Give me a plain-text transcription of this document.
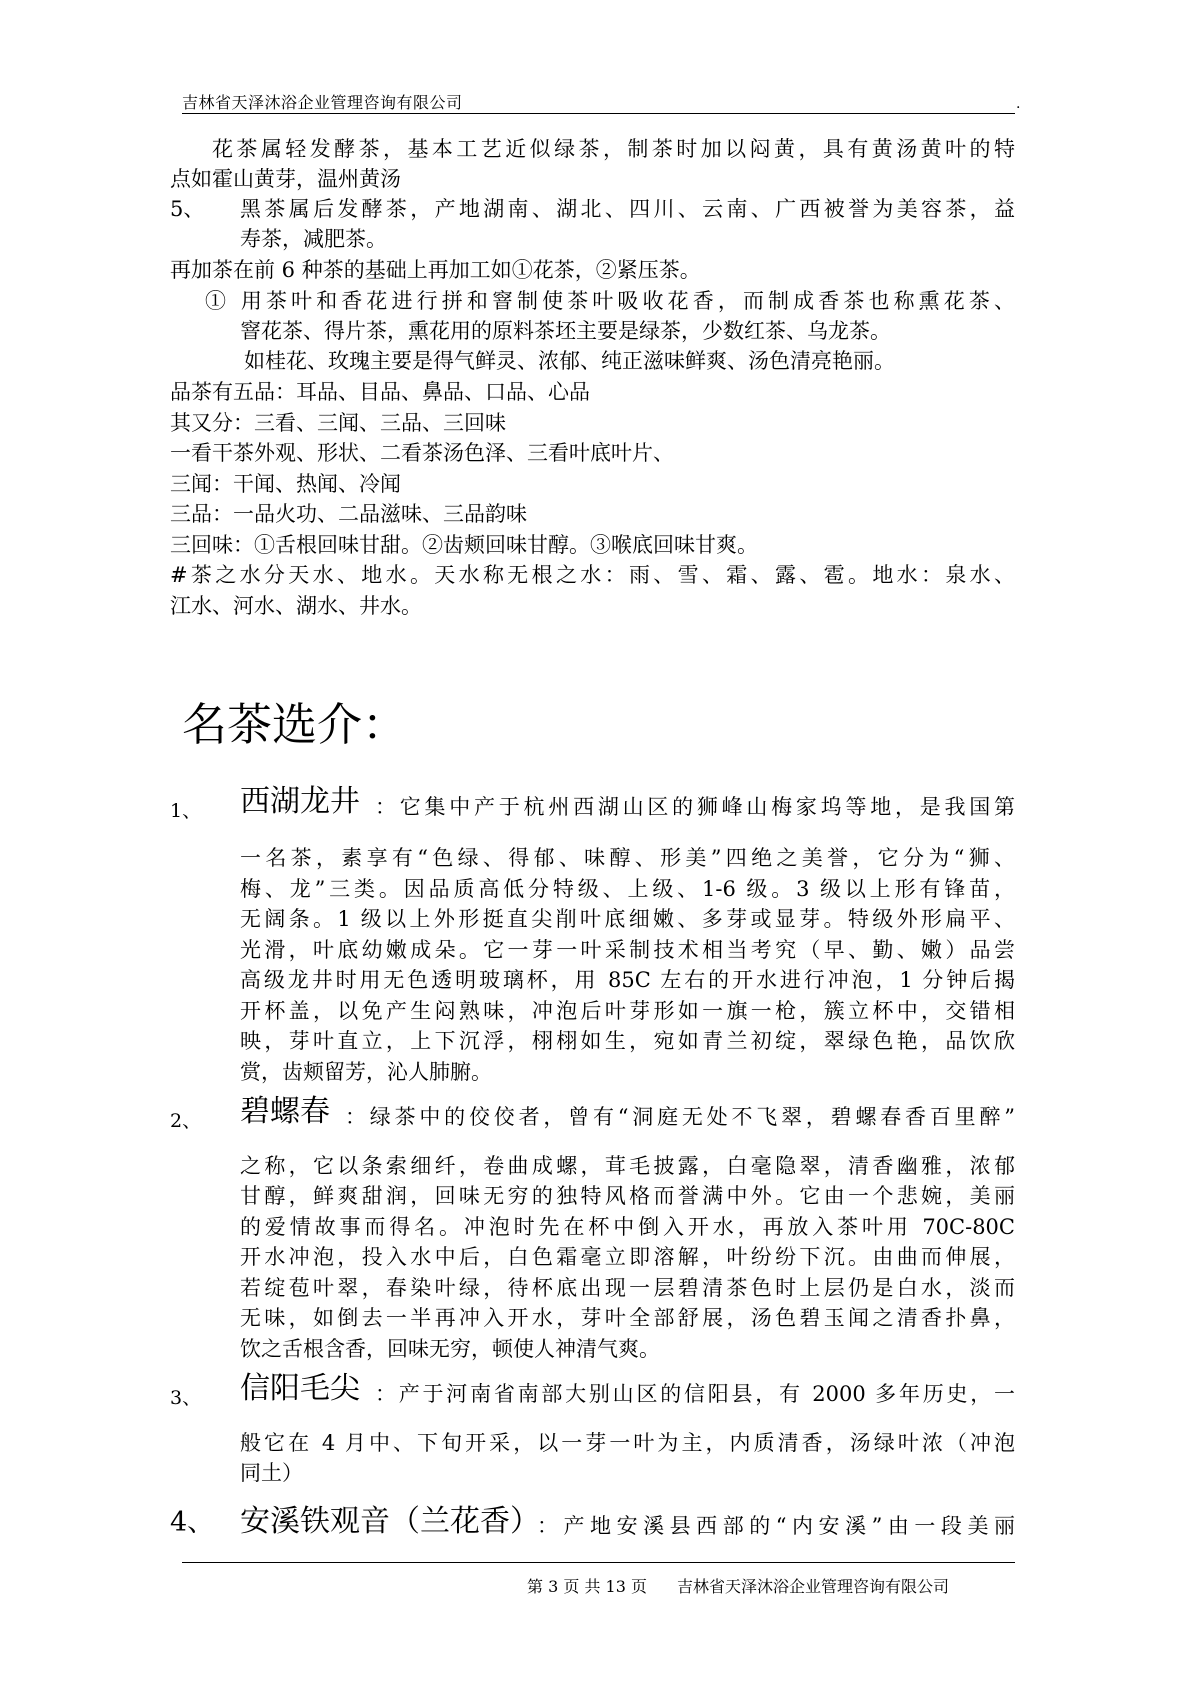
吉林省天泽沐浴企业管理咨询有限公司	.
花茶属轻发酵茶，基本工艺近似绿茶，制茶时加以闷黄，具有黄汤黄叶的特
点如霍山黄芽，温州黄汤
5、 黑茶属后发酵茶，产地湖南、湖北、四川、云南、广西被誉为美容茶，益
寿茶，减肥茶。
再加茶在前 6 种茶的基础上再加工如①花茶，②紧压茶。
① 用茶叶和香花进行拼和窨制使茶叶吸收花香，而制成香茶也称熏花茶、
窨花茶、得片茶，熏花用的原料茶坯主要是绿茶，少数红茶、乌龙茶。
如桂花、玫瑰主要是得气鲜灵、浓郁、纯正滋味鲜爽、汤色清亮艳丽。
品茶有五品：耳品、目品、鼻品、口品、心品
其又分：三看、三闻、三品、三回味
一看干茶外观、形状、二看茶汤色泽、三看叶底叶片、
三闻：干闻、热闻、冷闻
三品：一品火功、二品滋味、三品韵味
三回味：①舌根回味甘甜。②齿颊回味甘醇。③喉底回味甘爽。
#茶之水分天水、地水。天水称无根之水：雨、雪、霜、露、雹。地水：泉水、
江水、河水、湖水、井水。
名茶选介：
1、 西湖龙井 ：它集中产于杭州西湖山区的狮峰山梅家坞等地，是我国第
一名茶，素享有“色绿、得郁、味醇、形美”四绝之美誉，它分为“狮、
梅、龙”三类。因品质高低分特级、上级、1-6 级。3 级以上形有锋苗，
无阔条。1 级以上外形挺直尖削叶底细嫩、多芽或显芽。特级外形扁平、
光滑，叶底幼嫩成朵。它一芽一叶采制技术相当考究（早、勤、嫩）品尝
高级龙井时用无色透明玻璃杯，用 85C 左右的开水进行冲泡，1 分钟后揭
开杯盖，以免产生闷熟味，冲泡后叶芽形如一旗一枪，簇立杯中，交错相
映，芽叶直立，上下沉浮，栩栩如生，宛如青兰初绽，翠绿色艳，品饮欣
赏，齿颊留芳，沁人肺腑。
2、 碧螺春 ：绿茶中的佼佼者，曾有“洞庭无处不飞翠，碧螺春香百里醉”
之称，它以条索细纤，卷曲成螺，茸毛披露，白毫隐翠，清香幽雅，浓郁
甘醇，鲜爽甜润，回味无穷的独特风格而誉满中外。它由一个悲婉，美丽
的爱情故事而得名。冲泡时先在杯中倒入开水，再放入茶叶用 70C-80C
开水冲泡，投入水中后，白色霜毫立即溶解，叶纷纷下沉。由曲而伸展，
若绽苞叶翠，春染叶绿，待杯底出现一层碧清茶色时上层仍是白水，淡而
无味，如倒去一半再冲入开水，芽叶全部舒展，汤色碧玉闻之清香扑鼻，
饮之舌根含香，回味无穷，顿使人神清气爽。
3、 信阳毛尖 ：产于河南省南部大别山区的信阳县，有 2000 多年历史，一
般它在 4 月中、下旬开采，以一芽一叶为主，内质清香，汤绿叶浓（冲泡
同土）
4、 安溪铁观音（兰花香）
：产地安溪县西部的“内安溪”由一段美丽
第 3 页 共 13 页 吉林省天泽沐浴企业管理咨询有限公司
